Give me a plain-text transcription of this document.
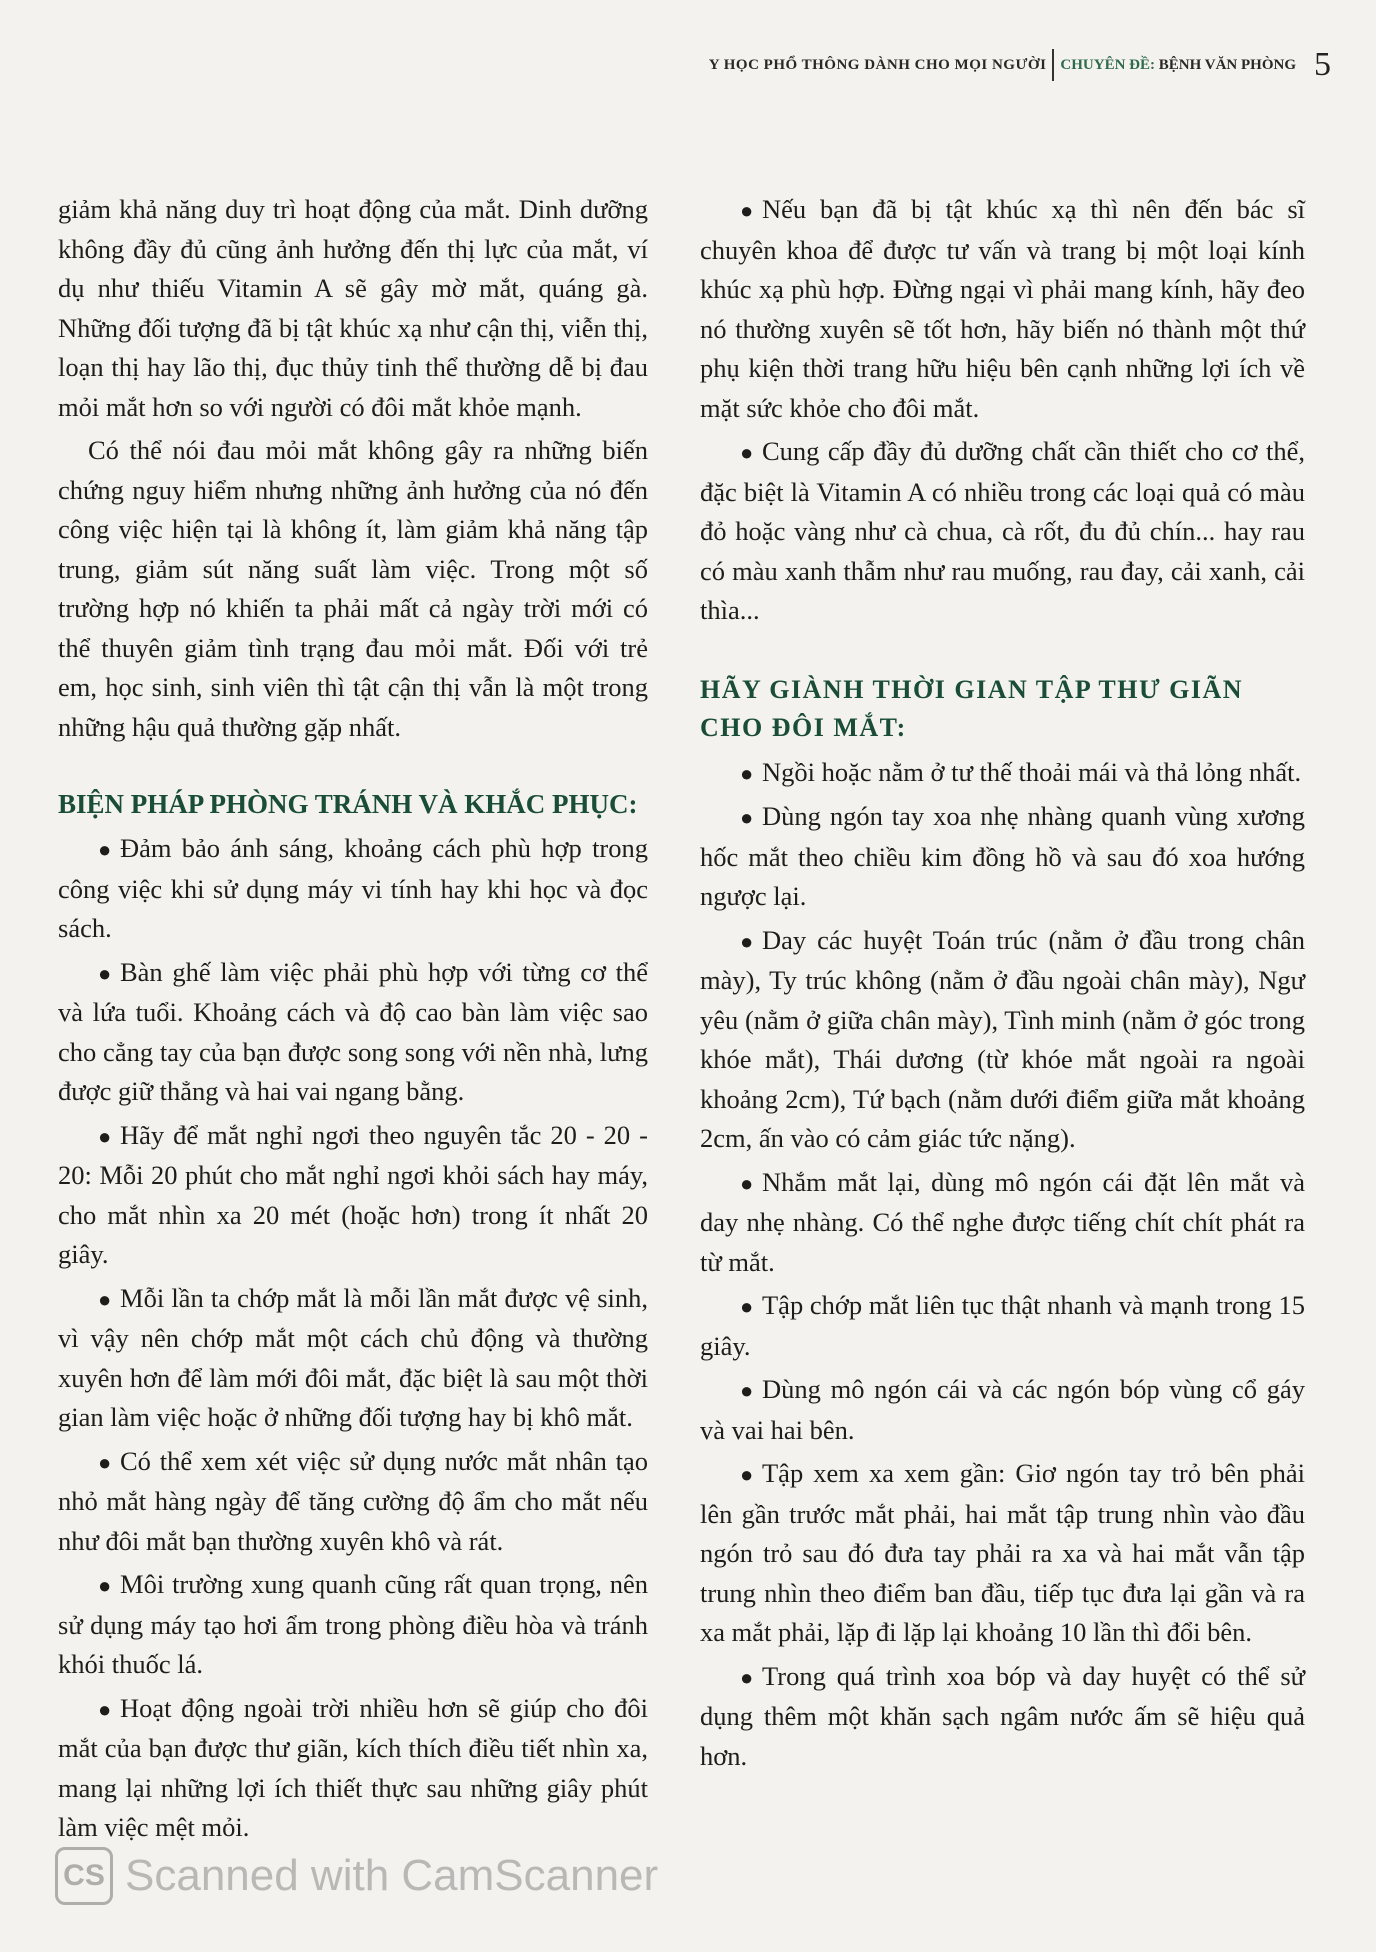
Y HỌC PHỔ THÔNG DÀNH CHO MỌI NGƯỜI CHUYÊN ĐỀ: BỆNH VĂN PHÒNG 5

giảm khả năng duy trì hoạt động của mắt. Dinh dưỡng không đầy đủ cũng ảnh hưởng đến thị lực của mắt, ví dụ như thiếu Vitamin A sẽ gây mờ mắt, quáng gà. Những đối tượng đã bị tật khúc xạ như cận thị, viễn thị, loạn thị hay lão thị, đục thủy tinh thể thường dễ bị đau mỏi mắt hơn so với người có đôi mắt khỏe mạnh.

Có thể nói đau mỏi mắt không gây ra những biến chứng nguy hiểm nhưng những ảnh hưởng của nó đến công việc hiện tại là không ít, làm giảm khả năng tập trung, giảm sút năng suất làm việc. Trong một số trường hợp nó khiến ta phải mất cả ngày trời mới có thể thuyên giảm tình trạng đau mỏi mắt. Đối với trẻ em, học sinh, sinh viên thì tật cận thị vẫn là một trong những hậu quả thường gặp nhất.

BIỆN PHÁP PHÒNG TRÁNH VÀ KHẮC PHỤC:

● Đảm bảo ánh sáng, khoảng cách phù hợp trong công việc khi sử dụng máy vi tính hay khi học và đọc sách.

● Bàn ghế làm việc phải phù hợp với từng cơ thể và lứa tuổi. Khoảng cách và độ cao bàn làm việc sao cho cẳng tay của bạn được song song với nền nhà, lưng được giữ thẳng và hai vai ngang bằng.

● Hãy để mắt nghỉ ngơi theo nguyên tắc 20 - 20 - 20: Mỗi 20 phút cho mắt nghỉ ngơi khỏi sách hay máy, cho mắt nhìn xa 20 mét (hoặc hơn) trong ít nhất 20 giây.

● Mỗi lần ta chớp mắt là mỗi lần mắt được vệ sinh, vì vậy nên chớp mắt một cách chủ động và thường xuyên hơn để làm mới đôi mắt, đặc biệt là sau một thời gian làm việc hoặc ở những đối tượng hay bị khô mắt.

● Có thể xem xét việc sử dụng nước mắt nhân tạo nhỏ mắt hàng ngày để tăng cường độ ẩm cho mắt nếu như đôi mắt bạn thường xuyên khô và rát.

● Môi trường xung quanh cũng rất quan trọng, nên sử dụng máy tạo hơi ẩm trong phòng điều hòa và tránh khói thuốc lá.

● Hoạt động ngoài trời nhiều hơn sẽ giúp cho đôi mắt của bạn được thư giãn, kích thích điều tiết nhìn xa, mang lại những lợi ích thiết thực sau những giây phút làm việc mệt mỏi.

● Nếu bạn đã bị tật khúc xạ thì nên đến bác sĩ chuyên khoa để được tư vấn và trang bị một loại kính khúc xạ phù hợp. Đừng ngại vì phải mang kính, hãy đeo nó thường xuyên sẽ tốt hơn, hãy biến nó thành một thứ phụ kiện thời trang hữu hiệu bên cạnh những lợi ích về mặt sức khỏe cho đôi mắt.

● Cung cấp đầy đủ dưỡng chất cần thiết cho cơ thể, đặc biệt là Vitamin A có nhiều trong các loại quả có màu đỏ hoặc vàng như cà chua, cà rốt, đu đủ chín... hay rau có màu xanh thẫm như rau muống, rau đay, cải xanh, cải thìa...

HÃY GIÀNH THỜI GIAN TẬP THƯ GIÃN CHO ĐÔI MẮT:

● Ngồi hoặc nằm ở tư thế thoải mái và thả lỏng nhất.

● Dùng ngón tay xoa nhẹ nhàng quanh vùng xương hốc mắt theo chiều kim đồng hồ và sau đó xoa hướng ngược lại.

● Day các huyệt Toán trúc (nằm ở đầu trong chân mày), Ty trúc không (nằm ở đầu ngoài chân mày), Ngư yêu (nằm ở giữa chân mày), Tình minh (nằm ở góc trong khóe mắt), Thái dương (từ khóe mắt ngoài ra ngoài khoảng 2cm), Tứ bạch (nằm dưới điểm giữa mắt khoảng 2cm, ấn vào có cảm giác tức nặng).

● Nhắm mắt lại, dùng mô ngón cái đặt lên mắt và day nhẹ nhàng. Có thể nghe được tiếng chít chít phát ra từ mắt.

● Tập chớp mắt liên tục thật nhanh và mạnh trong 15 giây.

● Dùng mô ngón cái và các ngón bóp vùng cổ gáy và vai hai bên.

● Tập xem xa xem gần: Giơ ngón tay trỏ bên phải lên gần trước mắt phải, hai mắt tập trung nhìn vào đầu ngón trỏ sau đó đưa tay phải ra xa và hai mắt vẫn tập trung nhìn theo điểm ban đầu, tiếp tục đưa lại gần và ra xa mắt phải, lặp đi lặp lại khoảng 10 lần thì đổi bên.

● Trong quá trình xoa bóp và day huyệt có thể sử dụng thêm một khăn sạch ngâm nước ấm sẽ hiệu quả hơn.

CS Scanned with CamScanner
